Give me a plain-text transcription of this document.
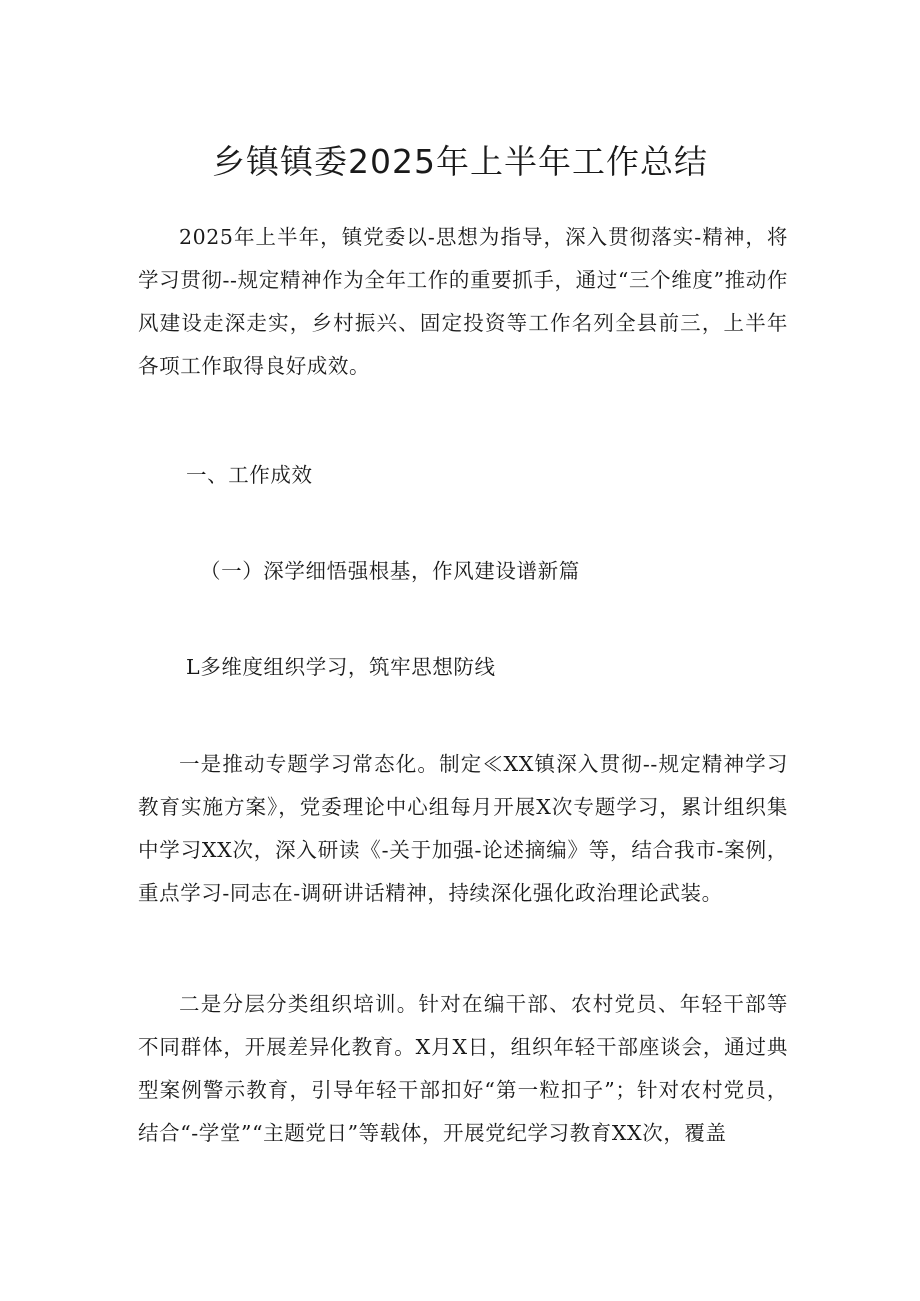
乡镇镇委2025年上半年工作总结

2025年上半年，镇党委以-思想为指导，深入贯彻落实-精神，将学习贯彻--规定精神作为全年工作的重要抓手，通过“三个维度”推动作风建设走深走实，乡村振兴、固定投资等工作名列全县前三，上半年各项工作取得良好成效。

一、工作成效

（一）深学细悟强根基，作风建设谱新篇

L多维度组织学习，筑牢思想防线

一是推动专题学习常态化。制定≪XX镇深入贯彻--规定精神学习教育实施方案》，党委理论中心组每月开展X次专题学习，累计组织集中学习XX次，深入研读《-关于加强-论述摘编》等，结合我市-案例，重点学习-同志在-调研讲话精神，持续深化强化政治理论武装。

二是分层分类组织培训。针对在编干部、农村党员、年轻干部等不同群体，开展差异化教育。X月X日，组织年轻干部座谈会，通过典型案例警示教育，引导年轻干部扣好“第一粒扣子”；针对农村党员，结合“-学堂”“主题党日”等载体，开展党纪学习教育XX次，覆盖
